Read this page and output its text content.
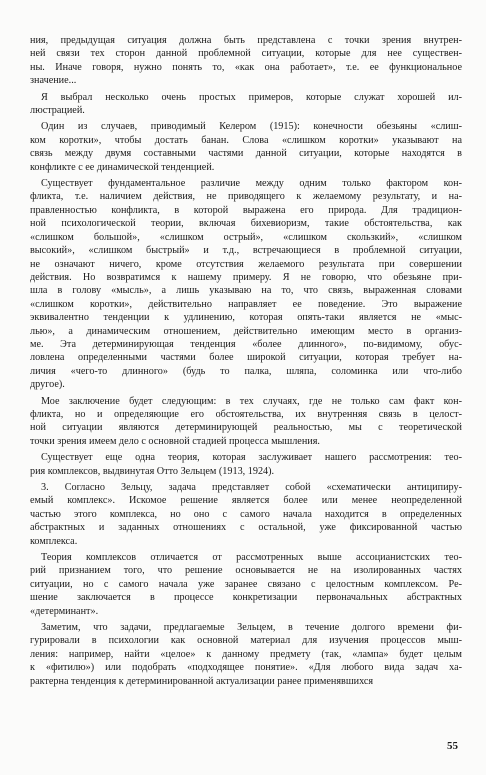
ния, предыдущая ситуация должна быть представлена с точки зрения внутрен-
ней связи тех сторон данной проблемной ситуации, которые для нее существен-
ны. Иначе говоря, нужно понять то, «как она работает», т.е. ее функциональное
значение...
Я выбрал несколько очень простых примеров, которые служат хорошей ил-
люстрацией.
Один из случаев, приводимый Келером (1915): конечности обезьяны «слиш-
ком коротки», чтобы достать банан. Слова «слишком коротки» указывают на
связь между двумя составными частями данной ситуации, которые находятся в
конфликте с ее динамической тенденцией.
Существует фундаментальное различие между одним только фактором кон-
фликта, т.е. наличием действия, не приводящего к желаемому результату, и на-
правленностью конфликта, в которой выражена его природа. Для традицион-
ной психологической теории, включая бихевиоризм, такие обстоятельства, как
«слишком большой», «слишком острый», «слишком скользкий», «слишком
высокий», «слишком быстрый» и т.д., встречающиеся в проблемной ситуации,
не означают ничего, кроме отсутствия желаемого результата при совершении
действия. Но возвратимся к нашему примеру. Я не говорю, что обезьяне при-
шла в голову «мысль», а лишь указываю на то, что связь, выраженная словами
«слишком коротки», действительно направляет ее поведение. Это выражение
эквивалентно тенденции к удлинению, которая опять-таки является не «мыс-
лью», а динамическим отношением, действительно имеющим место в организ-
ме. Эта детерминирующая тенденция «более длинного», по-видимому, обус-
ловлена определенными частями более широкой ситуации, которая требует на-
личия «чего-то длинного» (будь то палка, шляпа, соломинка или что-либо
другое).
Мое заключение будет следующим: в тех случаях, где не только сам факт кон-
фликта, но и определяющие его обстоятельства, их внутренняя связь в целост-
ной ситуации являются детерминирующей реальностью, мы с теоретической
точки зрения имеем дело с основной стадией процесса мышления.
Существует еще одна теория, которая заслуживает нашего рассмотрения: тео-
рия комплексов, выдвинутая Отто Зельцем (1913, 1924).
3. Согласно Зельцу, задача представляет собой «схематически антиципиру-
емый комплекс». Искомое решение является более или менее неопределенной
частью этого комплекса, но оно с самого начала находится в определенных
абстрактных и заданных отношениях с остальной, уже фиксированной частью
комплекса.
Теория комплексов отличается от рассмотренных выше ассоцианистских тео-
рий признанием того, что решение основывается не на изолированных частях
ситуации, но с самого начала уже заранее связано с целостным комплексом. Ре-
шение заключается в процессе конкретизации первоначальных абстрактных
«детерминант».
Заметим, что задачи, предлагаемые Зельцем, в течение долгого времени фи-
гурировали в психологии как основной материал для изучения процессов мыш-
ления: например, найти «целое» к данному предмету (так, «лампа» будет целым
к «фитилю») или подобрать «подходящее понятие». «Для любого вида задач ха-
рактерна тенденция к детерминированной актуализации ранее применявшихся
55
